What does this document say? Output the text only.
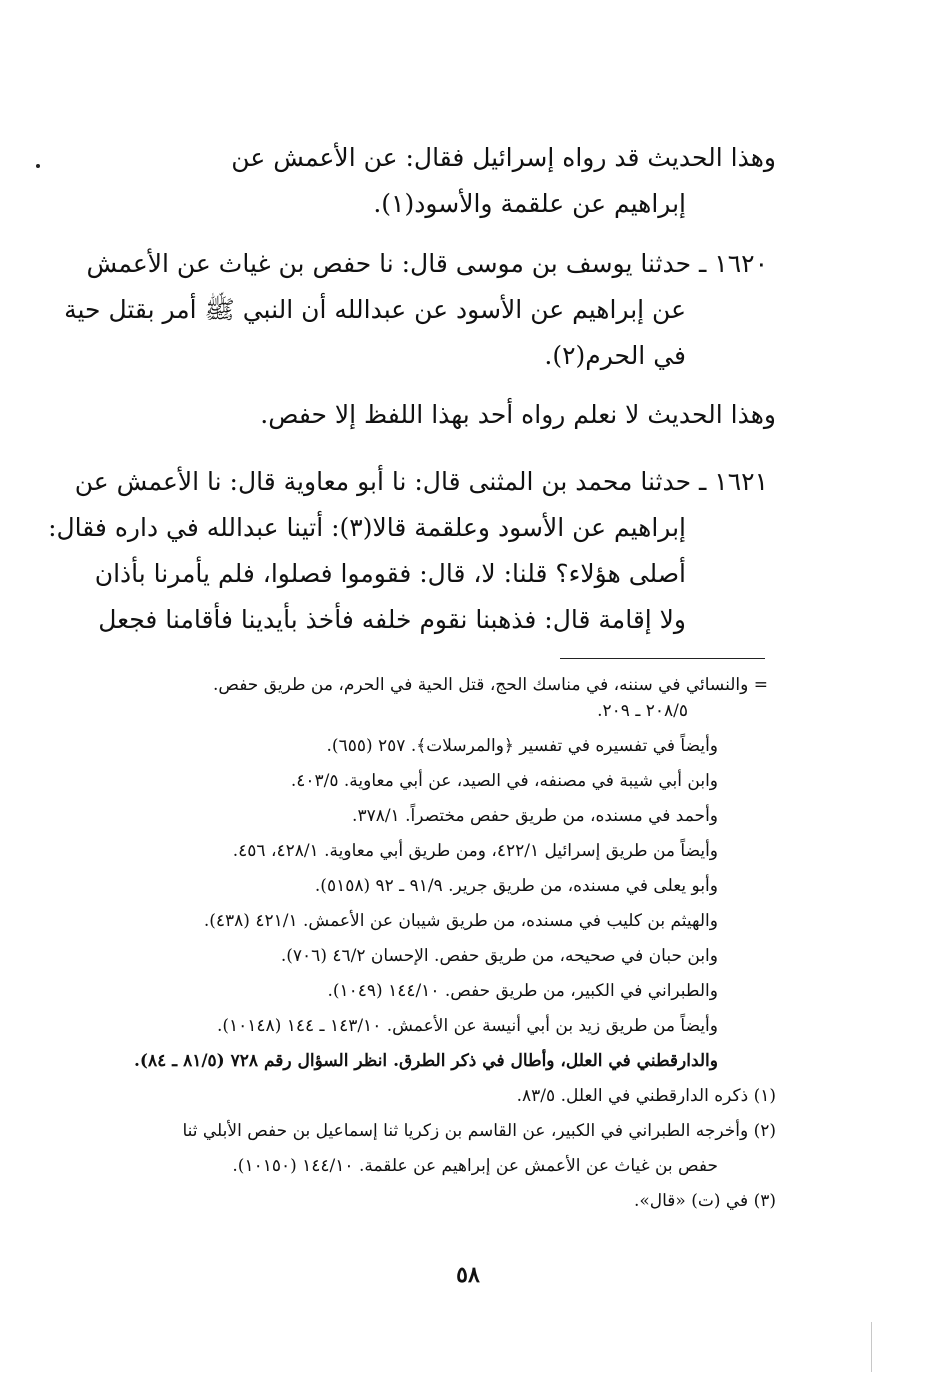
وهذا الحديث قد رواه إسرائيل فقال: عن الأعمش عن
إبراهيم عن علقمة والأسود(١).
١٦٢٠ ـ حدثنا يوسف بن موسى قال: نا حفص بن غياث عن الأعمش
عن إبراهيم عن الأسود عن عبدالله أن النبي ﷺ أمر بقتل حية
في الحرم(٢).
وهذا الحديث لا نعلم رواه أحد بهذا اللفظ إلا حفص.
١٦٢١ ـ حدثنا محمد بن المثنى قال: نا أبو معاوية قال: نا الأعمش عن
إبراهيم عن الأسود وعلقمة قالا(٣): أتينا عبدالله في داره فقال:
أصلى هؤلاء؟ قلنا: لا، قال: فقوموا فصلوا، فلم يأمرنا بأذان
ولا إقامة قال: فذهبنا نقوم خلفه فأخذ بأيدينا فأقامنا فجعل
= والنسائي في سننه، في مناسك الحج، قتل الحية في الحرم، من طريق حفص.
٢٠٨/٥ ـ ٢٠٩.
وأيضاً في تفسيره في تفسير ﴿والمرسلات﴾. ٢٥٧ (٦٥٥).
وابن أبي شيبة في مصنفه، في الصيد، عن أبي معاوية. ٤٠٣/٥.
وأحمد في مسنده، من طريق حفص مختصراً. ٣٧٨/١.
وأيضاً من طريق إسرائيل ٤٢٢/١، ومن طريق أبي معاوية. ٤٢٨/١، ٤٥٦.
وأبو يعلى في مسنده، من طريق جرير. ٩١/٩ ـ ٩٢ (٥١٥٨).
والهيثم بن كليب في مسنده، من طريق شيبان عن الأعمش. ٤٢١/١ (٤٣٨).
وابن حبان في صحيحه، من طريق حفص. الإحسان ٤٦/٢ (٧٠٦).
والطبراني في الكبير، من طريق حفص. ١٤٤/١٠ (١٠٤٩).
وأيضاً من طريق زيد بن أبي أنيسة عن الأعمش. ١٤٣/١٠ ـ ١٤٤ (١٠١٤٨).
والدارقطني في العلل، وأطال في ذكر الطرق. انظر السؤال رقم ٧٢٨ (٨١/٥ ـ ٨٤).
(١) ذكره الدارقطني في العلل. ٨٣/٥.
(٢) وأخرجه الطبراني في الكبير، عن القاسم بن زكريا ثنا إسماعيل بن حفص الأبلي ثنا
حفص بن غياث عن الأعمش عن إبراهيم عن علقمة. ١٤٤/١٠ (١٠١٥٠).
(٣) في (ت) «قال».
٥٨
